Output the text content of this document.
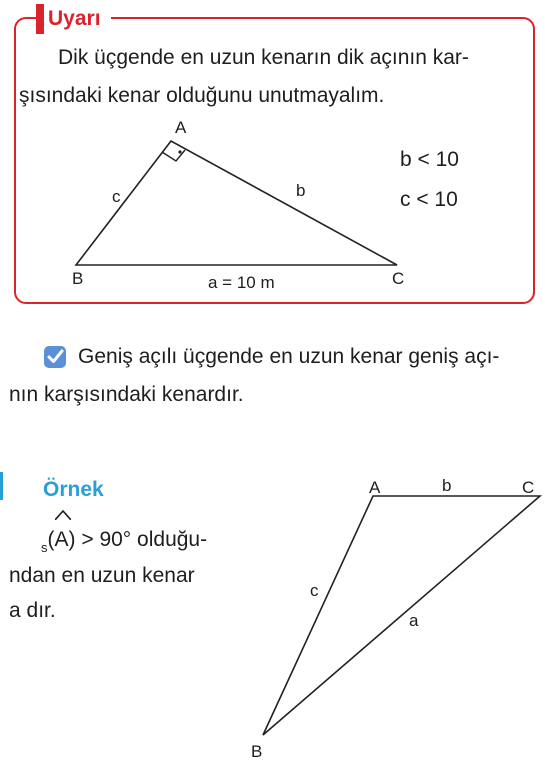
Uyarı
Dik üçgende en uzun kenarın dik açının kar-
şısındaki kenar olduğunu unutmayalım.
A
c	b
B	a = 10 m	C
b < 10
c < 10
Geniş açılı üçgende en uzun kenar geniş açı-
nın karşısındaki kenardır.
Örnek
$_s$(
A) > 90° olduğu-
ndan en uzun kenar
a dır.
A	b	C
c
a
B
